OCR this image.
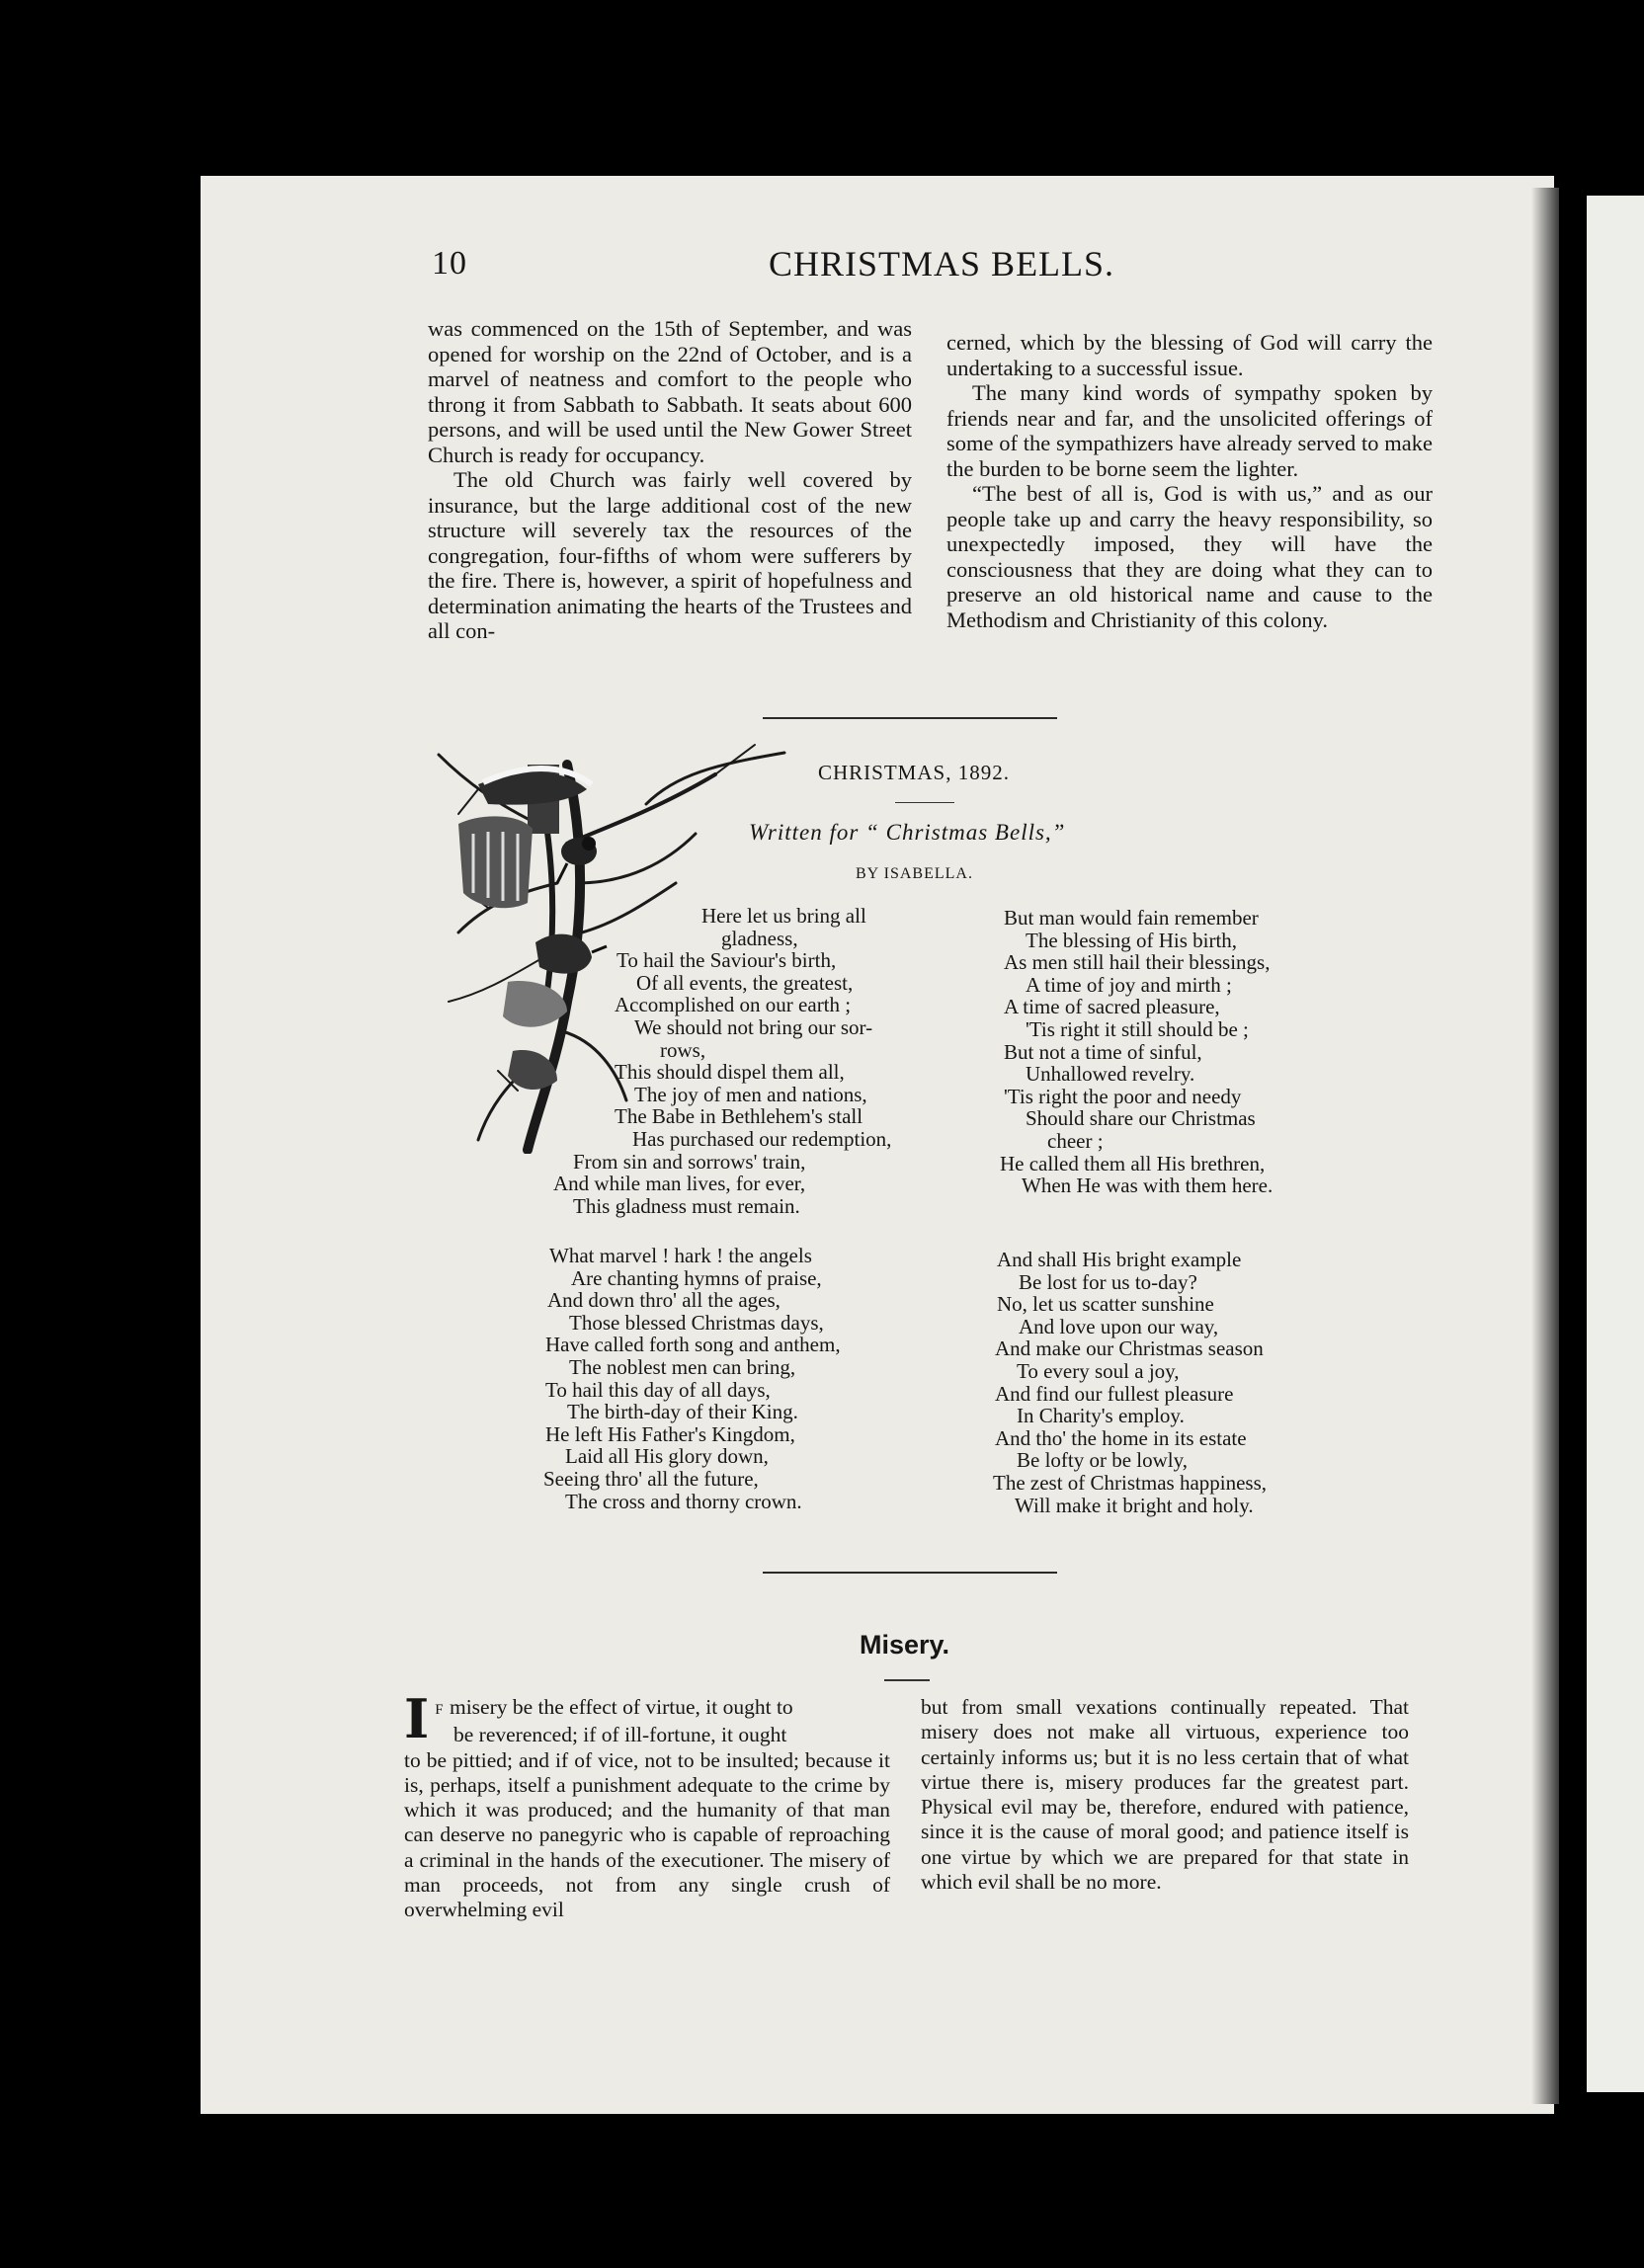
10	CHRISTMAS BELLS.

was commenced on the 15th of September, and was opened for worship on the 22nd of October, and is a marvel of neatness and comfort to the people who throng it from Sabbath to Sabbath. It seats about 600 persons, and will be used until the New Gower Street Church is ready for occupancy.

The old Church was fairly well covered by insurance, but the large additional cost of the new structure will severely tax the resources of the congregation, four-fifths of whom were sufferers by the fire. There is, however, a spirit of hopefulness and determination animating the hearts of the Trustees and all con-

cerned, which by the blessing of God will carry the undertaking to a successful issue.

The many kind words of sympathy spoken by friends near and far, and the unsolicited offerings of some of the sympathizers have already served to make the burden to be borne seem the lighter.

“The best of all is, God is with us,” and as our people take up and carry the heavy responsibility, so unexpectedly imposed, they will have the consciousness that they are doing what they can to preserve an old historical name and cause to the Methodism and Christianity of this colony.

CHRISTMAS, 1892.
Written for “ Christmas Bells,”
BY ISABELLA.
Here let us bring all
gladness,
To hail the Saviour's birth,
Of all events, the greatest,
Accomplished on our earth ;
We should not bring our sor-
rows,
This should dispel them all,
The joy of men and nations,
The Babe in Bethlehem's stall
Has purchased our redemption,
From sin and sorrows' train,
And while man lives, for ever,
This gladness must remain.
What marvel ! hark ! the angels
Are chanting hymns of praise,
And down thro' all the ages,
Those blessed Christmas days,
Have called forth song and anthem,
The noblest men can bring,
To hail this day of all days,
The birth-day of their King.
He left His Father's Kingdom,
Laid all His glory down,
Seeing thro' all the future,
The cross and thorny crown.
But man would fain remember
The blessing of His birth,
As men still hail their blessings,
A time of joy and mirth ;
A time of sacred pleasure,
'Tis right it still should be ;
But not a time of sinful,
Unhallowed revelry.
'Tis right the poor and needy
Should share our Christmas
cheer ;
He called them all His brethren,
When He was with them here.
And shall His bright example
Be lost for us to-day?
No, let us scatter sunshine
And love upon our way,
And make our Christmas season
To every soul a joy,
And find our fullest pleasure
In Charity's employ.
And tho' the home in its estate
Be lofty or be lowly,
The zest of Christmas happiness,
Will make it bright and holy.
Misery.
I F misery be the effect of virtue, it ought to
be reverenced; if of ill-fortune, it ought
to be pittied; and if of vice, not to be insulted; because it is, perhaps, itself a punishment adequate to the crime by which it was produced; and the humanity of that man can deserve no panegyric who is capable of reproaching a criminal in the hands of the executioner. The misery of man proceeds, not from any single crush of overwhelming evil
but from small vexations continually repeated. That misery does not make all virtuous, experience too certainly informs us; but it is no less certain that of what virtue there is, misery produces far the greatest part. Physical evil may be, therefore, endured with patience, since it is the cause of moral good; and patience itself is one virtue by which we are prepared for that state in which evil shall be no more.
